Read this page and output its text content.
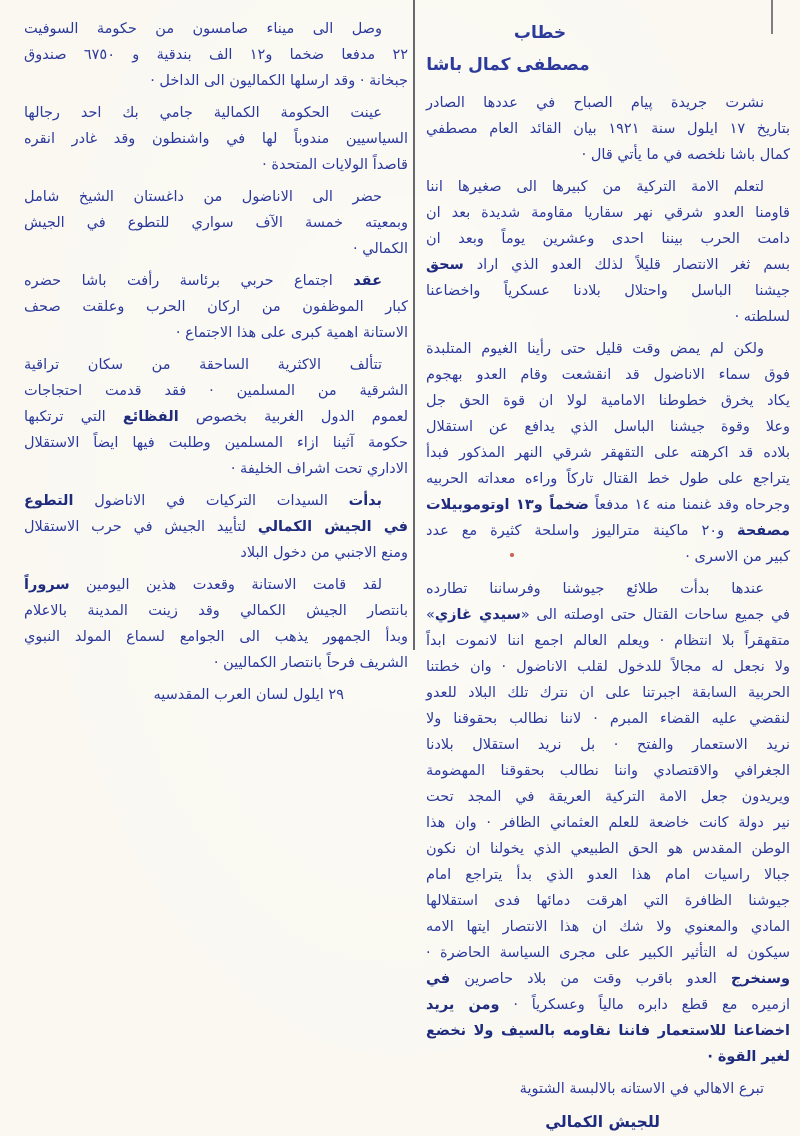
وصل الى ميناء صامسون من حكومة السوفيت
٢٢ مدفعا ضخما و١٢ الف بندقية و ٦٧٥٠ صندوق
جبخانة · وقد ارسلها الكماليون الى الداخل ·
عينت الحكومة الكمالية جامي بك احد رجالها
السياسيين مندوباً لها في واشنطون وقد غادر انقره
قاصداً الولايات المتحدة ·
حضر الى الاناضول من داغستان الشيخ شامل
وبمعيته خمسة الآف سواري للتطوع في الجيش
الكمالي ·
عقد اجتماع حربي برئاسة رأفت باشا حضره
كبار الموظفون من اركان الحرب وعلقت صحف
الاستانة اهمية كبرى على هذا الاجتماع ·
تتألف الاكثرية الساحقة من سكان تراقية
الشرقية من المسلمين · فقد قدمت احتجاجات
لعموم الدول الغربية بخصوص الفظائع التي ترتكبها
حكومة آثينا ازاء المسلمين وطلبت فيها ايضاً الاستقلال
الاداري تحت اشراف الخليفة ·
بدأت السيدات التركيات في الاناضول التطوع
في الجيش الكمالي لتأييد الجيش في حرب الاستقلال
ومنع الاجنبي من دخول البلاد
لقد قامت الاستانة وقعدت هذين اليومين سروراً
بانتصار الجيش الكمالي وقد زينت المدينة بالاعلام
وبدأ الجمهور يذهب الى الجوامع لسماع المولد النبوي
الشريف فرحاً بانتصار الكماليين ·
٢٩ ايلول لسان العرب المقدسيه
خطاب
مصطفى كمال باشا
نشرت جريدة پيام الصباح في عددها الصادر
بتاريخ ١٧ ايلول سنة ١٩٢١ بيان القائد العام مصطفي
كمال باشا نلخصه في ما يأتي قال ·
لتعلم الامة التركية من كبيرها الى صغيرها اننا
قاومنا العدو شرقي نهر سقاريا مقاومة شديدة بعد ان
دامت الحرب بيننا احدى وعشرين يوماً وبعد ان
بسم ثغر الانتصار قليلاً لذلك العدو الذي اراد سحق
جيشنا الباسل واحتلال بلادنا عسكرياً واخضاعنا
لسلطته ·
ولكن لم يمض وقت قليل حتى رأينا الغيوم المتلبدة
فوق سماء الاناضول قد انقشعت وقام العدو بهجوم
يكاد يخرق خطوطنا الامامية لولا ان قوة الحق جل
وعلا وقوة جيشنا الباسل الذي يدافع عن استقلال
بلاده قد اكرهته على التقهقر شرقي النهر المذكور فبدأ
يتراجع على طول خط القتال تاركاً وراءه معداته الحربيه
وجرحاه وقد غنمنا منه ١٤ مدفعاً ضخماً و١٣ اوتوموبيلات
مصفحة و٢٠ ماكينة متراليوز واسلحة كثيرة مع عدد
كبير من الاسرى ·
عندها بدأت طلائع جيوشنا وفرساننا تطارده
في جميع ساحات القتال حتى اوصلته الى «سيدي غازي»
متقهقراً بلا انتظام · ويعلم العالم اجمع اننا لانموت ابداً
ولا نجعل له مجالاً للدخول لقلب الاناضول · وان خطتنا
الحربية السابقة اجبرتنا على ان نترك تلك البلاد للعدو
لنقضي عليه القضاء المبرم · لاننا نطالب بحقوقنا ولا
نريد الاستعمار والفتح · بل نريد استقلال بلادنا
الجغرافي والاقتصادي واننا نطالب بحقوقنا المهضومة
ويريدون جعل الامة التركية العريقة في المجد تحت
نير دولة كانت خاضعة للعلم العثماني الظافر · وان هذا
الوطن المقدس هو الحق الطبيعي الذي يخولنا ان نكون
جبالا راسيات امام هذا العدو الذي بدأ يتراجع امام
جيوشنا الظافرة التي اهرقت دمائها فدى استقلالها
المادي والمعنوي ولا شك ان هذا الانتصار ايتها الامه
سيكون له التأثير الكبير على مجرى السياسة الحاضرة ·
وسنخرج العدو باقرب وقت من بلاد حاصرين في
ازميره مع قطع دابره مالياً وعسكرياً · ومن يريد
اخضاعنا للاستعمار فاننا نقاومه بالسيف ولا نخضع
لغير القوة ·
تبرع الاهالي في الاستانه بالالبسة الشتوية
للجيش الكمالي
